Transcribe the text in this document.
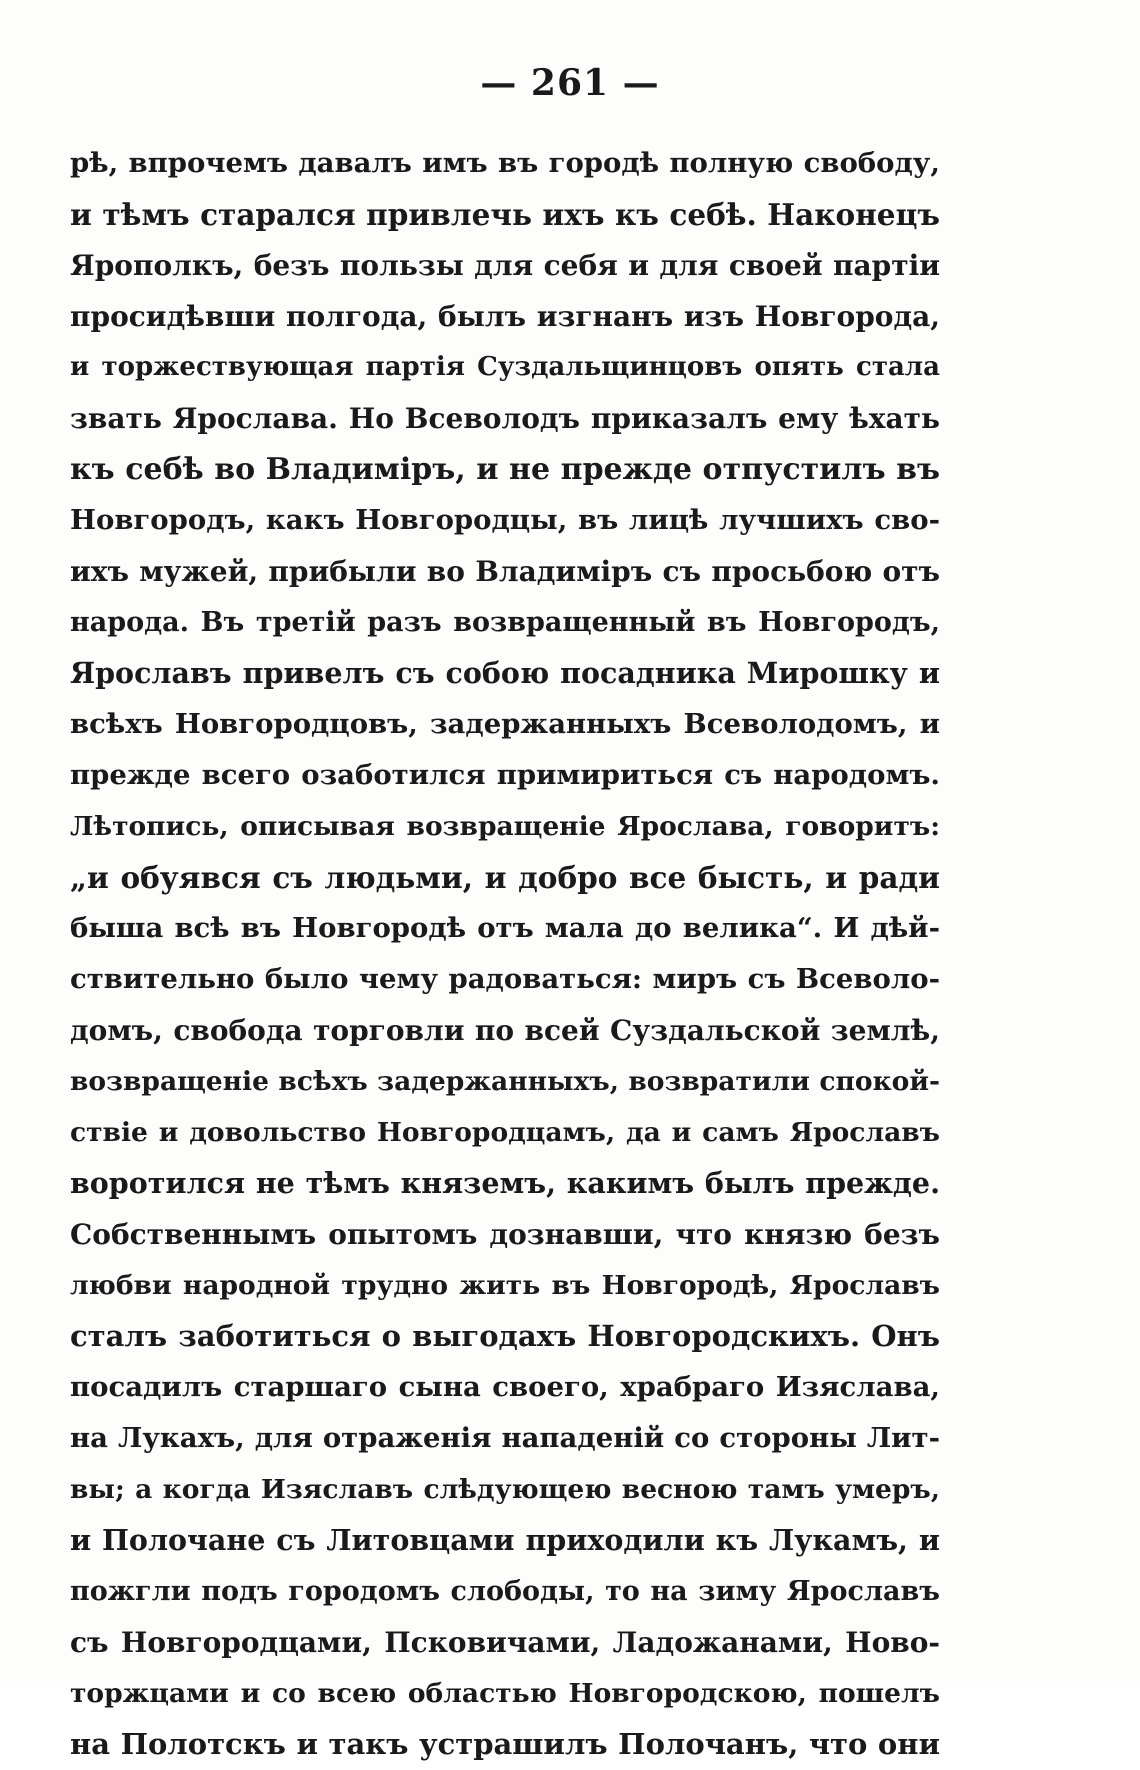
— 261 —
рѣ, впрочемъ давалъ имъ въ городѣ полную свободу,
и тѣмъ старался привлечь ихъ къ себѣ. Наконецъ
Ярополкъ, безъ пользы для себя и для своей партіи
просидѣвши полгода, былъ изгнанъ изъ Новгорода,
и торжествующая партія Суздальщинцовъ опять стала
звать Ярослава. Но Всеволодъ приказалъ ему ѣхать
къ себѣ во Владиміръ, и не прежде отпустилъ въ
Новгородъ, какъ Новгородцы, въ лицѣ лучшихъ сво-
ихъ мужей, прибыли во Владиміръ съ просьбою отъ
народа. Въ третій разъ возвращенный въ Новгородъ,
Ярославъ привелъ съ собою посадника Мирошку и
всѣхъ Новгородцовъ, задержанныхъ Всеволодомъ, и
прежде всего озаботился примириться съ народомъ.
Лѣтопись, описывая возвращеніе Ярослава, говоритъ:
„и обуявся съ людьми, и добро все бысть, и ради
быша всѣ въ Новгородѣ отъ мала до велика“. И дѣй-
ствительно было чему радоваться: миръ съ Всеволо-
домъ, свобода торговли по всей Суздальской землѣ,
возвращеніе всѣхъ задержанныхъ, возвратили спокой-
ствіе и довольство Новгородцамъ, да и самъ Ярославъ
воротился не тѣмъ княземъ, какимъ былъ прежде.
Собственнымъ опытомъ дознавши, что князю безъ
любви народной трудно жить въ Новгородѣ, Ярославъ
сталъ заботиться о выгодахъ Новгородскихъ. Онъ
посадилъ старшаго сына своего, храбраго Изяслава,
на Лукахъ, для отраженія нападеній со стороны Лит-
вы; а когда Изяславъ слѣдующею весною тамъ умеръ,
и Полочане съ Литовцами приходили къ Лукамъ, и
пожгли подъ городомъ слободы, то на зиму Ярославъ
съ Новгородцами, Псковичами, Ладожанами, Ново-
торжцами и со всею областью Новгородскою, пошелъ
на Полотскъ и такъ устрашилъ Полочанъ, что они
